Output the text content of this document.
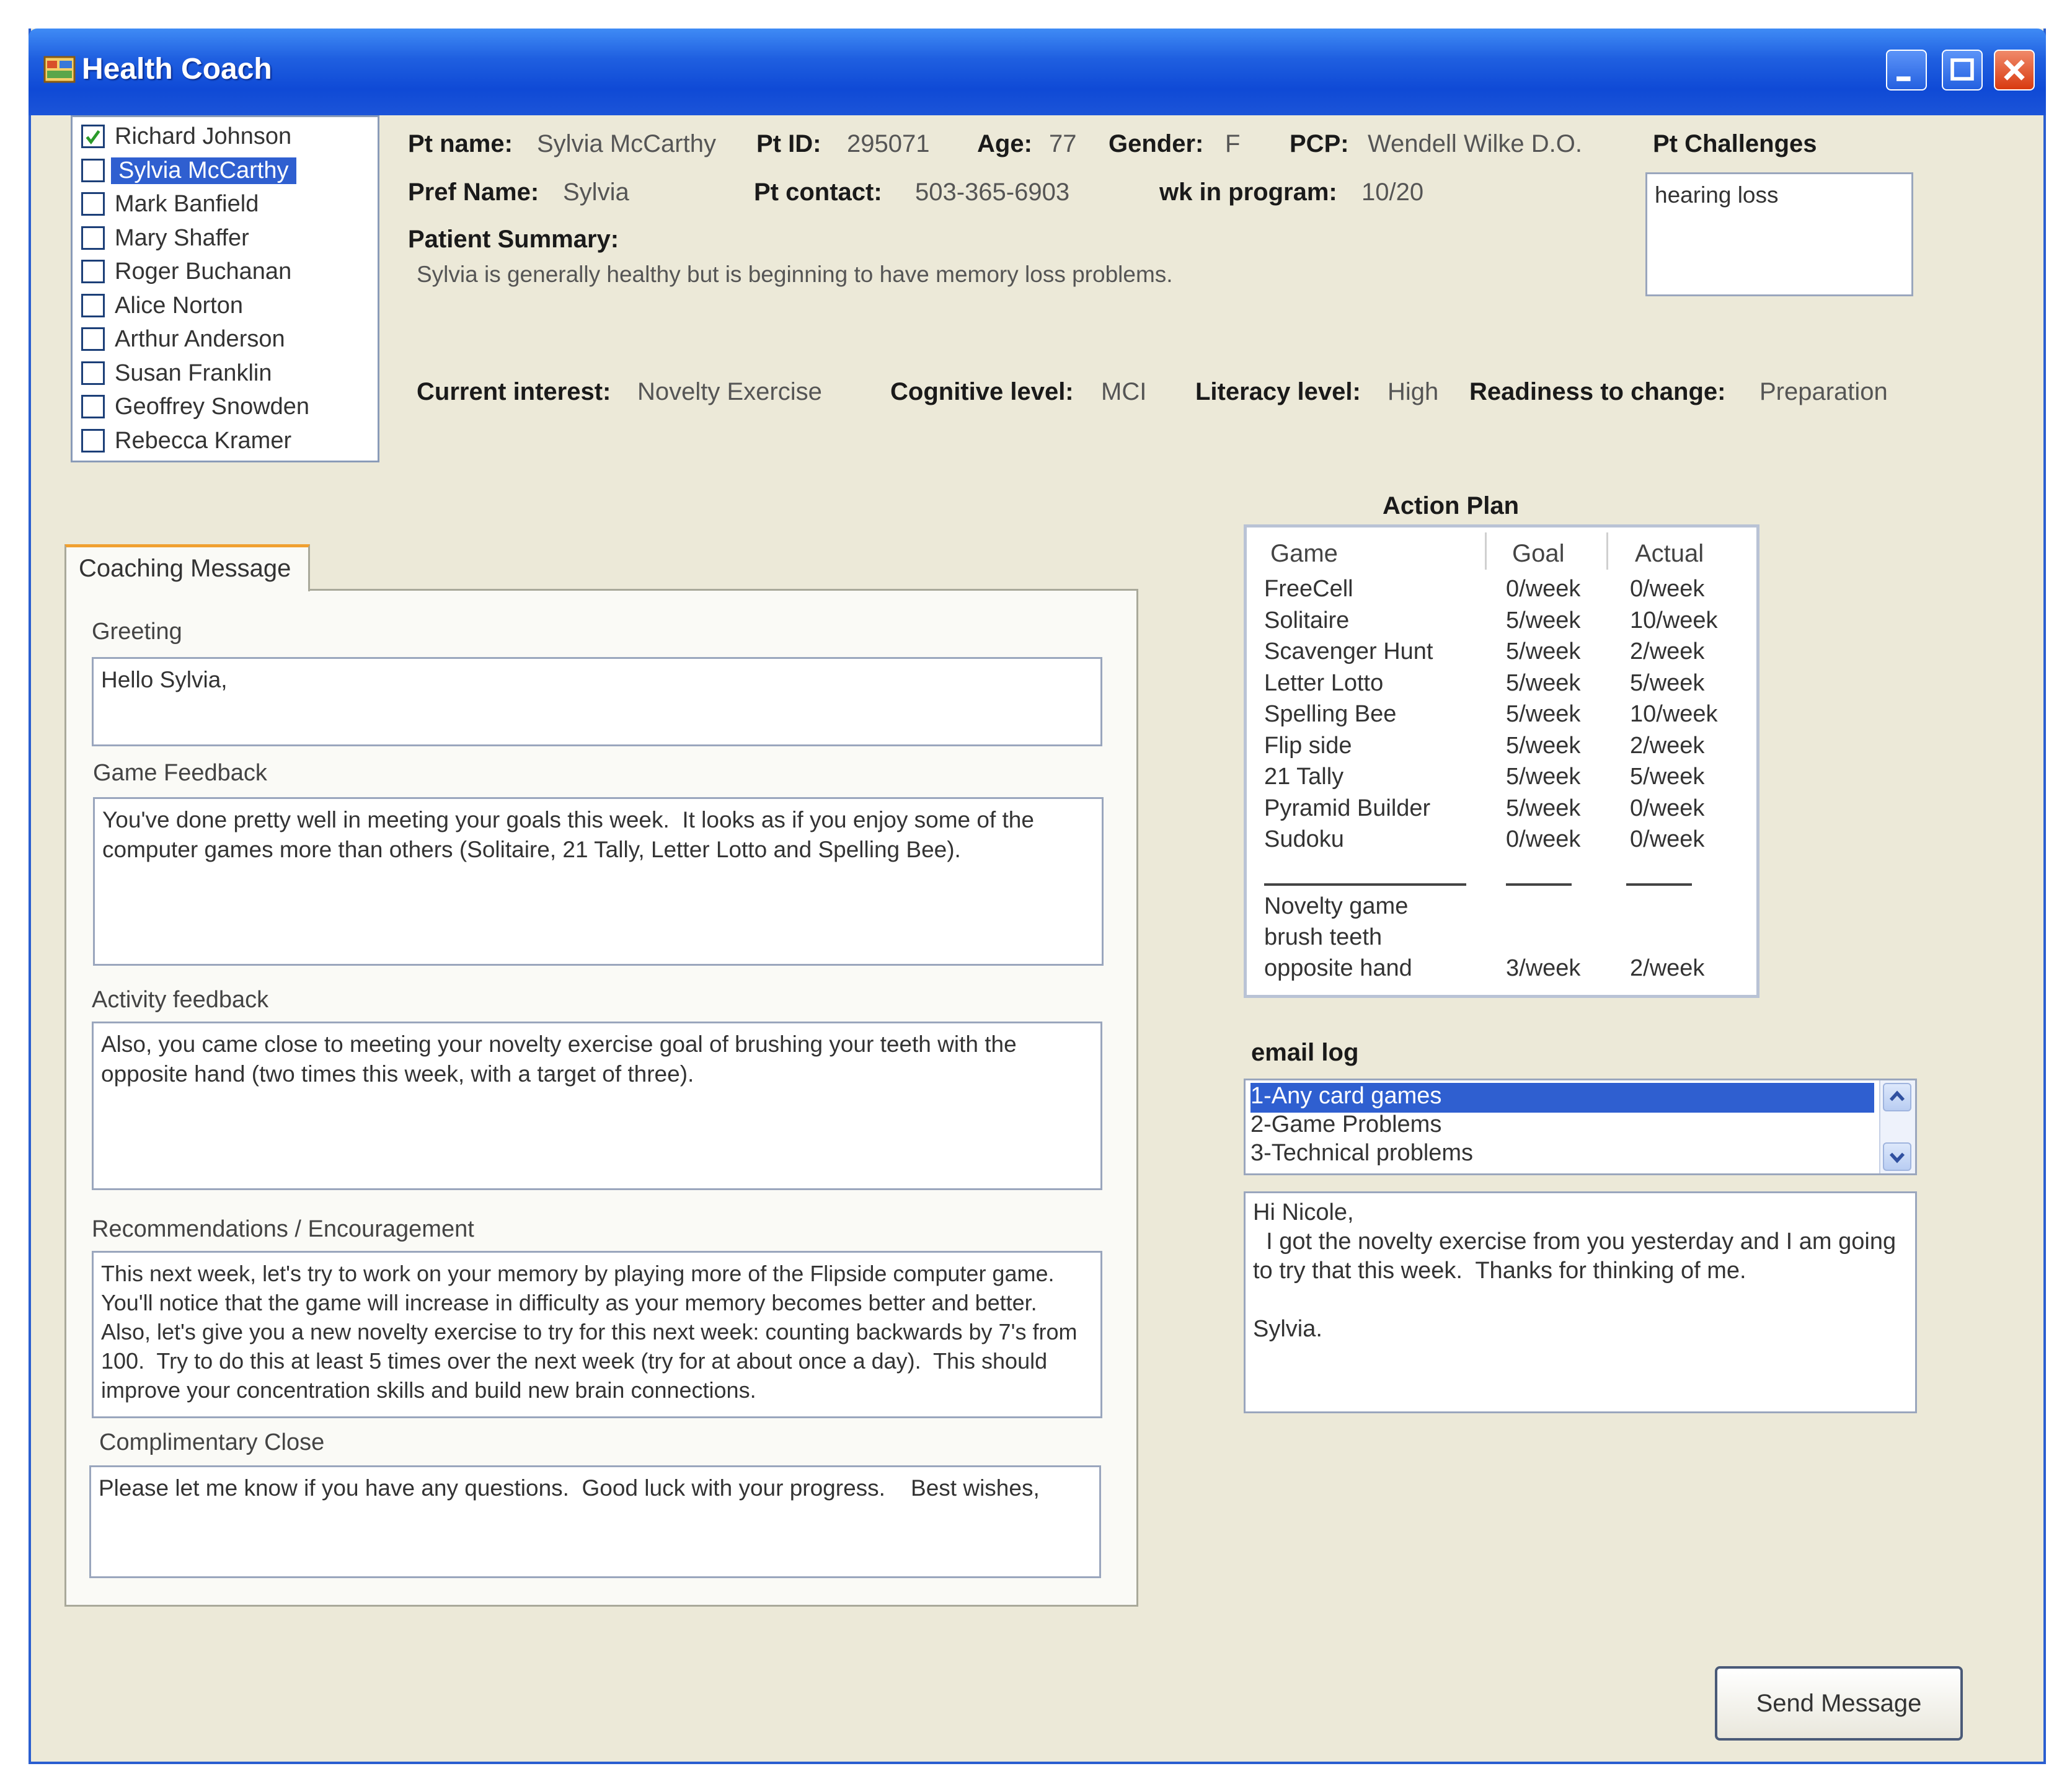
Health Coach
Richard Johnson
Sylvia McCarthy
Mark Banfield
Mary Shaffer
Roger Buchanan
Alice Norton
Arthur Anderson
Susan Franklin
Geoffrey Snowden
Rebecca Kramer
Pt name: Sylvia McCarthy Pt ID: 295071 Age: 77 Gender: F PCP: Wendell Wilke D.O.	Pt Challenges
hearing loss
Pref Name: Sylvia	Pt contact: 503-365-6903	wk in program: 10/20
Patient Summary:
Sylvia is generally healthy but is beginning to have memory loss problems.
Current interest: Novelty Exercise	Cognitive level: MCI Literacy level: High Readiness to change: Preparation
Coaching Message
Greeting
Hello Sylvia,
Game Feedback
You've done pretty well in meeting your goals this week.  It looks as if you enjoy some of the computer games more than others (Solitaire, 21 Tally, Letter Lotto and Spelling Bee).
Activity feedback
Also, you came close to meeting your novelty exercise goal of brushing your teeth with the opposite hand (two times this week, with a target of three).
Recommendations / Encouragement
This next week, let's try to work on your memory by playing more of the Flipside computer game.  You'll notice that the game will increase in difficulty as your memory becomes better and better.  Also, let's give you a new novelty exercise to try for this next week: counting backwards by 7's from 100.  Try to do this at least 5 times over the next week (try for at about once a day).  This should improve your concentration skills and build new brain connections.
Complimentary Close
Please let me know if you have any questions.  Good luck with your progress.    Best wishes,
Action Plan
Game	Goal	Actual
FreeCell	0/week 0/week
Solitaire	5/week 10/week
Scavenger Hunt	5/week 2/week
Letter Lotto	5/week 5/week
Spelling Bee	5/week 10/week
Flip side	5/week 2/week
21 Tally	5/week 5/week
Pyramid Builder	5/week 0/week
Sudoku	0/week 0/week
Novelty game
brush teeth
opposite hand	3/week 2/week
email log
1-Any card games
2-Game Problems
3-Technical problems
Hi Nicole,
I got the novelty exercise from you yesterday and I am going to try that this week.  Thanks for thinking of me.

Sylvia.
Send Message
